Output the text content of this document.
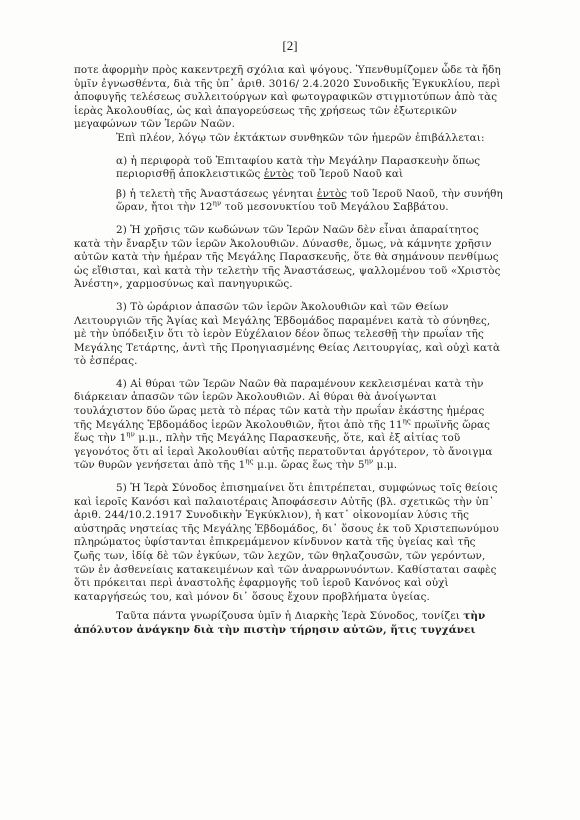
[2]

ποτε ἀφορμὴν πρὸς κακεντρεχῆ σχόλια καὶ ψόγους. Ὑπενθυμίζομεν ὧδε τὰ ἤδη ὑμῖν ἐγνωσθέντα, διὰ τῆς ὑπ᾽ ἀριθ. 3016/ 2.4.2020 Συνοδικῆς Ἐγκυκλίου, περὶ ἀποφυγῆς τελέσεως συλλειτούργων καὶ φωτογραφικῶν στιγμιοτύπων ἀπὸ τὰς ἱερὰς Ἀκολουθίας, ὡς καὶ ἀπαγορεύσεως τῆς χρήσεως τῶν ἐξωτερικῶν μεγαφώνων τῶν Ἱερῶν Ναῶν.

Ἐπὶ πλέον, λόγῳ τῶν ἐκτάκτων συνθηκῶν τῶν ἡμερῶν ἐπιβάλλεται:

α) ἡ περιφορὰ τοῦ Ἐπιταφίου κατὰ τὴν Μεγάλην Παρασκευὴν ὅπως περιορισθῇ ἀποκλειστικῶς ἐντὸς τοῦ Ἱεροῦ Ναοῦ καὶ

β) ἡ τελετὴ τῆς Ἀναστάσεως γένηται ἐντὸς τοῦ Ἱεροῦ Ναοῦ, τὴν συνήθη ὥραν, ἤτοι τὴν $12^{\eta\nu}$ τοῦ μεσονυκτίου τοῦ Μεγάλου Σαββάτου.

2) Ἡ χρῆσις τῶν κωδώνων τῶν Ἱερῶν Ναῶν δὲν εἶναι ἀπαραίτητος κατὰ τὴν ἔναρξιν τῶν ἱερῶν Ἀκολουθιῶν. Δύνασθε, ὅμως, νὰ κάμνητε χρῆσιν αὐτῶν κατὰ τὴν ἡμέραν τῆς Μεγάλης Παρασκευῆς, ὅτε θὰ σημάνουν πενθίμως ὡς εἴθισται, καὶ κατὰ τὴν τελετὴν τῆς Ἀναστάσεως, ψαλλομένου τοῦ «Χριστὸς Ἀνέστη», χαρμοσύνως καὶ πανηγυρικῶς.

3) Τὸ ὡράριον ἁπασῶν τῶν ἱερῶν Ἀκολουθιῶν καὶ τῶν Θείων Λειτουργιῶν τῆς Ἁγίας καὶ Μεγάλης Ἑβδομάδος παραμένει κατὰ τὸ σύνηθες, μὲ τὴν ὑπόδειξιν ὅτι τὸ ἱερὸν Εὐχέλαιον δέον ὅπως τελεσθῇ τὴν πρωΐαν τῆς Μεγάλης Τετάρτης, ἀντὶ τῆς Προηγιασμένης Θείας Λειτουργίας, καὶ οὐχὶ κατὰ τὸ ἑσπέρας.

4) Αἱ θύραι τῶν Ἱερῶν Ναῶν θὰ παραμένουν κεκλεισμέναι κατὰ τὴν διάρκειαν ἁπασῶν τῶν ἱερῶν Ἀκολουθιῶν. Αἱ θύραι θὰ ἀνοίγωνται τουλάχιστον δύο ὥρας μετὰ τὸ πέρας τῶν κατὰ τὴν πρωΐαν ἑκάστης ἡμέρας τῆς Μεγάλης Ἑβδομάδος ἱερῶν Ἀκολουθιῶν, ἤτοι ἀπὸ τῆς $11^{\eta\varsigma}$ πρωϊνῆς ὥρας ἕως τὴν $1^{\eta\nu}$ μ.μ., πλὴν τῆς Μεγάλης Παρασκευῆς, ὅτε, καὶ ἐξ αἰτίας τοῦ γεγονότος ὅτι αἱ ἱεραὶ Ἀκολουθίαι αὐτῆς περατοῦνται ἀργότερον, τὸ ἄνοιγμα τῶν θυρῶν γενήσεται ἀπὸ τῆς $1^{\eta\varsigma}$ μ.μ. ὥρας ἕως τὴν $5^{\eta\nu}$ μ.μ.

5) Ἡ Ἱερὰ Σύνοδος ἐπισημαίνει ὅτι ἐπιτρέπεται, συμφώνως τοῖς θείοις καὶ ἱεροῖς Κανόσι καὶ παλαιοτέραις Ἀποφάσεσιν Αὐτῆς (βλ. σχετικῶς τὴν ὑπ᾽ ἀριθ. 244/10.2.1917 Συνοδικὴν Ἐγκύκλιον), ἡ κατ᾽ οἰκονομίαν λύσις τῆς αὐστηρᾶς νηστείας τῆς Μεγάλης Ἑβδομάδος, δι᾽ ὅσους ἐκ τοῦ Χριστεπωνύμου πληρώματος ὑφίστανται ἐπικρεμάμενον κίνδυνον κατὰ τῆς ὑγείας καὶ τῆς ζωῆς των, ἰδίᾳ δὲ τῶν ἐγκύων, τῶν λεχῶν, τῶν θηλαζουσῶν, τῶν γερόντων, τῶν ἐν ἀσθενείαις κατακειμένων καὶ τῶν ἀναρρωνυόντων. Καθίσταται σαφὲς ὅτι πρόκειται περὶ ἀναστολῆς ἐφαρμογῆς τοῦ ἱεροῦ Κανόνος καὶ οὐχὶ καταργήσεώς του, καὶ μόνον δι᾽ ὅσους ἔχουν προβλήματα ὑγείας.

Ταῦτα πάντα γνωρίζουσα ὑμῖν ἡ Διαρκὴς Ἱερὰ Σύνοδος, τονίζει τὴν ἀπόλυτον ἀνάγκην διὰ τὴν πιστὴν τήρησιν αὐτῶν, ἥτις τυγχάνει
